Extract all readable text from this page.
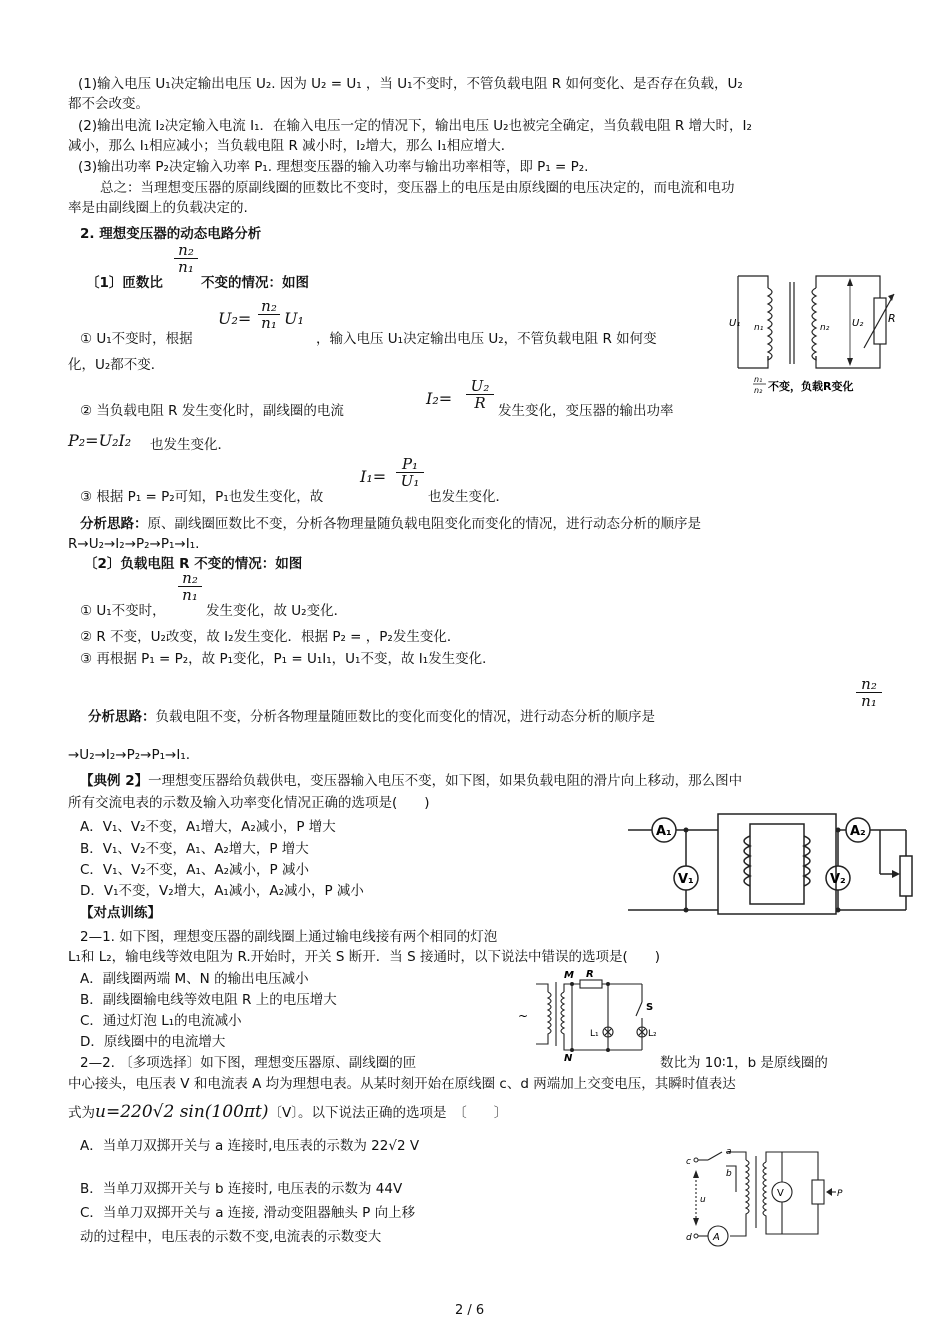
(1)输入电压 U₁决定输出电压 U₂. 因为 U₂ = U₁ ，当 U₁不变时，不管负载电阻 R 如何变化、是否存在负载，U₂
都不会改变。
(2)输出电流 I₂决定输入电流 I₁．在输入电压一定的情况下，输出电压 U₂也被完全确定，当负载电阻 R 增大时，I₂
减小，那么 I₁相应减小；当负载电阻 R 减小时，I₂增大，那么 I₁相应增大．
(3)输出功率 P₂决定输入功率 P₁. 理想变压器的输入功率与输出功率相等，即 P₁ = P₂.
总之：当理想变压器的原副线圈的匝数比不变时，变压器上的电压是由原线圈的电压决定的，而电流和电功
率是由副线圈上的负载决定的.
2. 理想变压器的动态电路分析
n₂
n₁
〔1〕匝数比	不变的情况：如图
U₂=
n₂
n₁ U₁
① U₁不变时，根据	，输入电压 U₁决定输出电压 U₂，不管负载电阻 R 如何变
化，U₂都不变．
I₂=
U₂
R
② 当负载电阻 R 发生变化时，副线圈的电流	发生变化，变压器的输出功率
P₂=U₂I₂ 也发生变化．
I₁=
P₁
U₁
③ 根据 P₁ = P₂可知，P₁也发生变化，故	也发生变化．
分析思路：原、副线圈匝数比不变，分析各物理量随负载电阻变化而变化的情况，进行动态分析的顺序是
R→U₂→I₂→P₂→P₁→I₁.
〔2〕负载电阻 R 不变的情况：如图
n₂
n₁
① U₁不变时，	发生变化，故 U₂变化．
② R 不变，U₂改变，故 I₂发生变化．根据 P₂ = ，P₂发生变化．
③ 再根据 P₁ = P₂，故 P₁变化，P₁ = U₁I₁，U₁不变，故 I₁发生变化．
n₂
n₁
分析思路：负载电阻不变，分析各物理量随匝数比的变化而变化的情况，进行动态分析的顺序是
→U₂→I₂→P₂→P₁→I₁.
【典例 2】一理想变压器给负载供电，变压器输入电压不变，如下图，如果负载电阻的滑片向上移动，那么图中
所有交流电表的示数及输入功率变化情况正确的选项是(　　)
A．V₁、V₂不变，A₁增大，A₂减小，P 增大
B．V₁、V₂不变，A₁、A₂增大，P 增大
C．V₁、V₂不变，A₁、A₂减小，P 减小
D．V₁不变，V₂增大，A₁减小，A₂减小，P 减小
【对点训练】
2—1. 如下图，理想变压器的副线圈上通过输电线接有两个相同的灯泡
L₁和 L₂，输电线等效电阻为 R.开始时，开关 S 断开．当 S 接通时，以下说法中错误的选项是(　　)
A．副线圈两端 M、N 的输出电压减小
B．副线圈输电线等效电阻 R 上的电压增大
C．通过灯泡 L₁的电流减小
D．原线圈中的电流增大
2—2. 〔多项选择〕如下图，理想变压器原、副线圈的匝	数比为 10∶1，b 是原线圈的
中心接头，电压表 V 和电流表 A 均为理想电表。从某时刻开始在原线圈 c、d 两端加上交变电压，其瞬时值表达
式为u=220√2 sin(100πt)〔V〕。以下说法正确的选项是　〔　　〕
A．当单刀双掷开关与 a 连接时,电压表的示数为 22√2 V
B．当单刀双掷开关与 b 连接时, 电压表的示数为 44V
C．当单刀双掷开关与 a 连接, 滑动变阻器触头 P 向上移
动的过程中，电压表的示数不变,电流表的示数变大
2 / 6
U₁ n₁	n₂ U₂ R
n₁
n₂ 不变，负载R变化
A₁	A₂
V₁	V₂
~
M
N
R
S
L₁	L₂
c
d
a
b
u
V
A
P
